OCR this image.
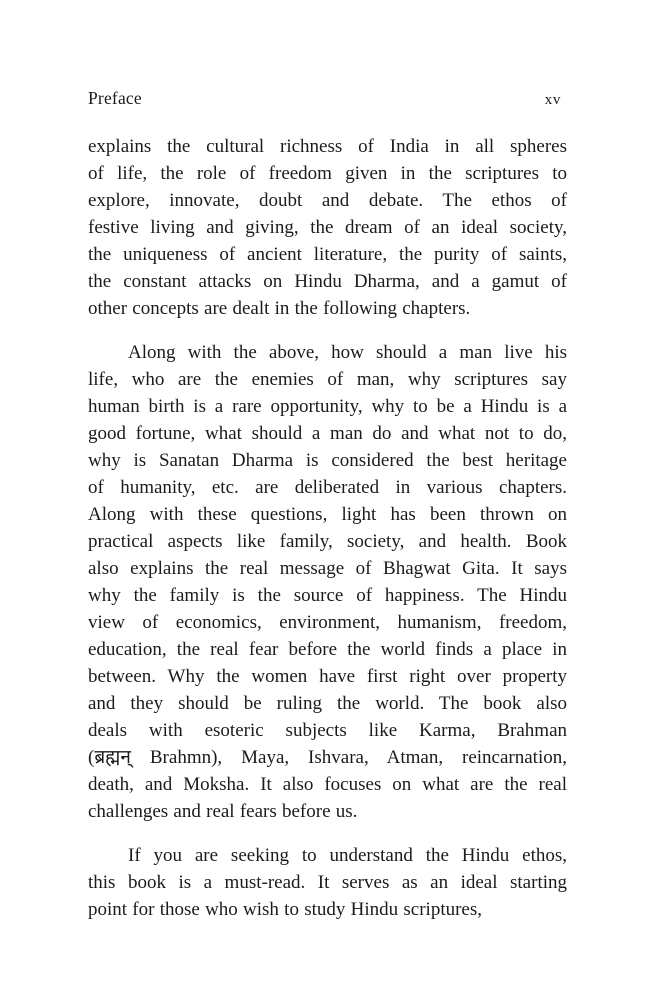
Preface	xv
explains the cultural richness of India in all spheres
of life, the role of freedom given in the scriptures to
explore, innovate, doubt and debate. The ethos of
festive living and giving, the dream of an ideal society,
the uniqueness of ancient literature, the purity of saints,
the constant attacks on Hindu Dharma, and a gamut of
other concepts are dealt in the following chapters.
Along with the above, how should a man live his
life, who are the enemies of man, why scriptures say
human birth is a rare opportunity, why to be a Hindu is a
good fortune, what should a man do and what not to do,
why is Sanatan Dharma is considered the best heritage
of humanity, etc. are deliberated in various chapters.
Along with these questions, light has been thrown on
practical aspects like family, society, and health. Book
also explains the real message of Bhagwat Gita. It says
why the family is the source of happiness. The Hindu
view of economics, environment, humanism, freedom,
education, the real fear before the world finds a place in
between. Why the women have first right over property
and they should be ruling the world. The book also
deals with esoteric subjects like Karma, Brahman
(ब्रह्मन् Brahmn), Maya, Ishvara, Atman, reincarnation,
death, and Moksha. It also focuses on what are the real
challenges and real fears before us.
If you are seeking to understand the Hindu ethos,
this book is a must-read. It serves as an ideal starting
point for those who wish to study Hindu scriptures,
